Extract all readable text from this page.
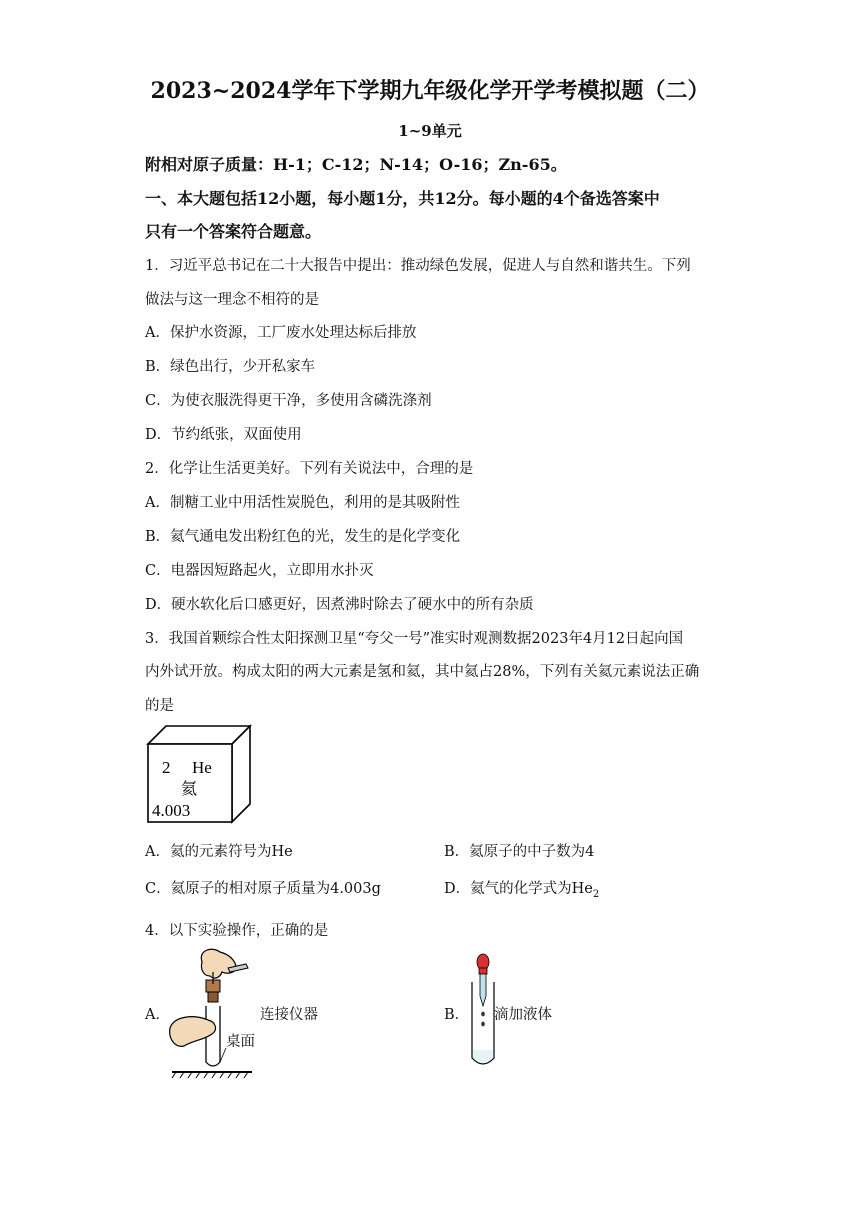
2023~2024学年下学期九年级化学开学考模拟题（二）
1~9单元
附相对原子质量：H-1；C-12；N-14；O-16；Zn-65。
一、本大题包括12小题，每小题1分，共12分。每小题的4个备选答案中
只有一个答案符合题意。
1．习近平总书记在二十大报告中提出：推动绿色发展，促进人与自然和谐共生。下列
做法与这一理念不相符的是
A．保护水资源，工厂废水处理达标后排放
B．绿色出行，少开私家车
C．为使衣服洗得更干净，多使用含磷洗涤剂
D．节约纸张，双面使用
2．化学让生活更美好。下列有关说法中，合理的是
A．制糖工业中用活性炭脱色，利用的是其吸附性
B．氦气通电发出粉红色的光，发生的是化学变化
C．电器因短路起火，立即用水扑灭
D．硬水软化后口感更好，因煮沸时除去了硬水中的所有杂质
3．我国首颗综合性太阳探测卫星“夸父一号”准实时观测数据2023年4月12日起向国
内外试开放。构成太阳的两大元素是氢和氦，其中氦占28%，下列有关氦元素说法正确
的是
2 He
氦
4.003
A．氦的元素符号为He	B．氦原子的中子数为4
C．氦原子的相对原子质量为4.003g	D．氦气的化学式为$He_2$
4．以下实验操作，正确的是
A．
桌面
连接仪器	B． 滴加液体
